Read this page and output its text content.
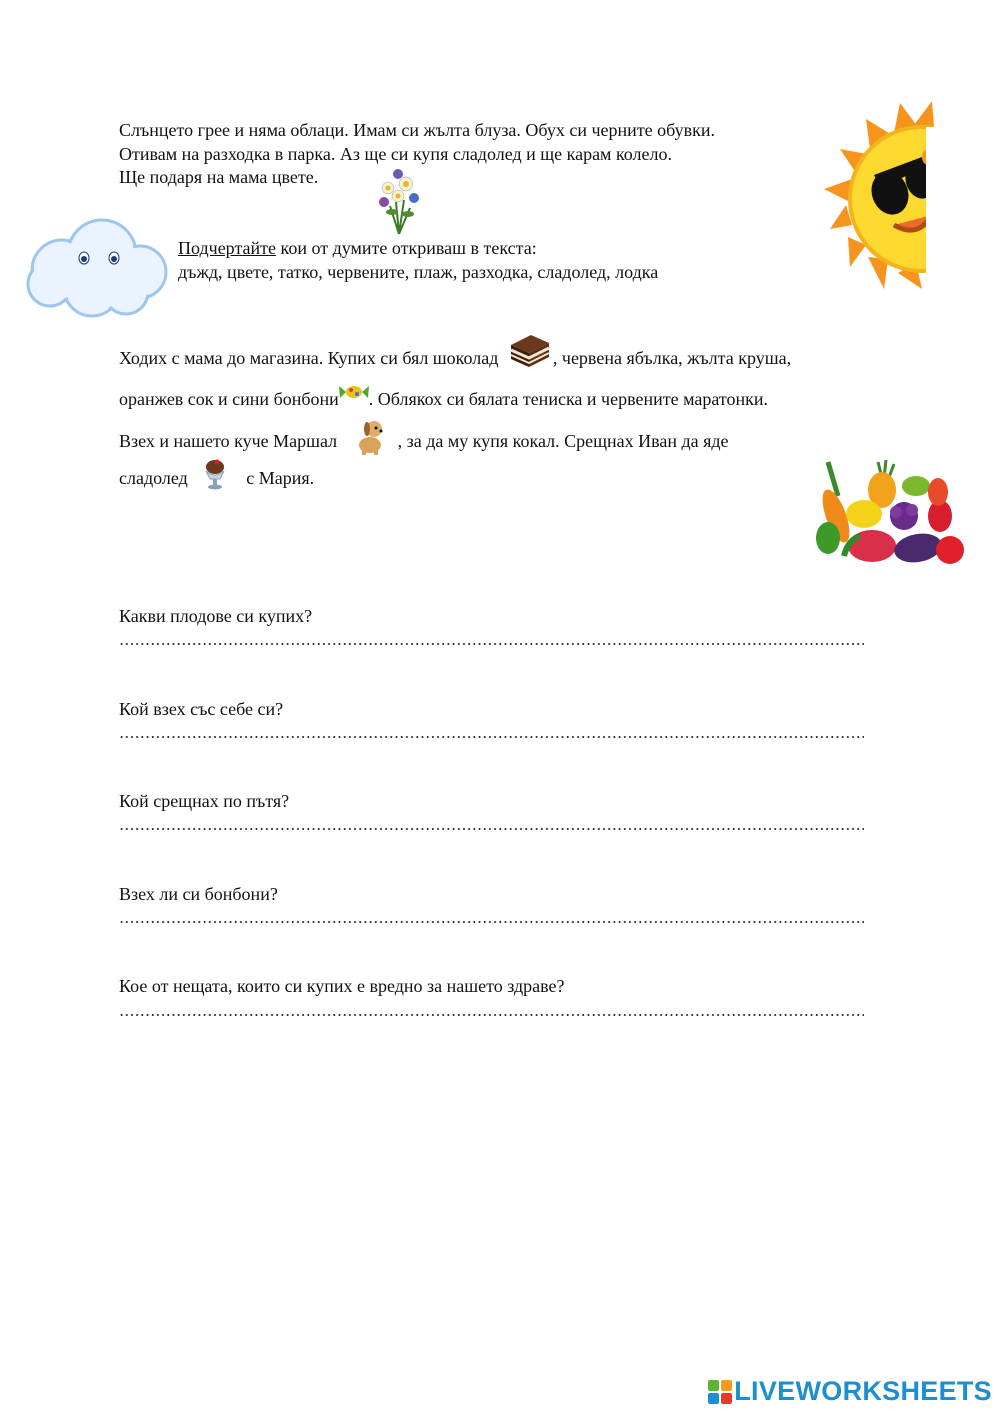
Слънцето грее и няма облаци. Имам си жълта блуза. Обух си черните обувки.
Отивам на разходка в парка. Аз ще си купя сладолед и ще карам колело.
Ще подаря на мама цвете.
Подчертайте кои от думите откриваш в текста:
дъжд, цвете, татко, червените, плаж, разходка, сладолед, лодка
Ходих с мама до магазина. Купих си бял шоколад	, червена ябълка, жълта круша,
оранжев сок и сини бонбони . Облякох си бялата тениска и червените маратонки.
Взех и нашето куче Маршал	, за да му купя кокал. Срещнах Иван да яде
сладолед	с Мария.
Какви плодове си купих?
Кой взех със себе си?
Кой срещнах по пътя?
Взех ли си бонбони?
Кое от нещата, които си купих е вредно за нашето здраве?
LIVEWORKSHEETS
